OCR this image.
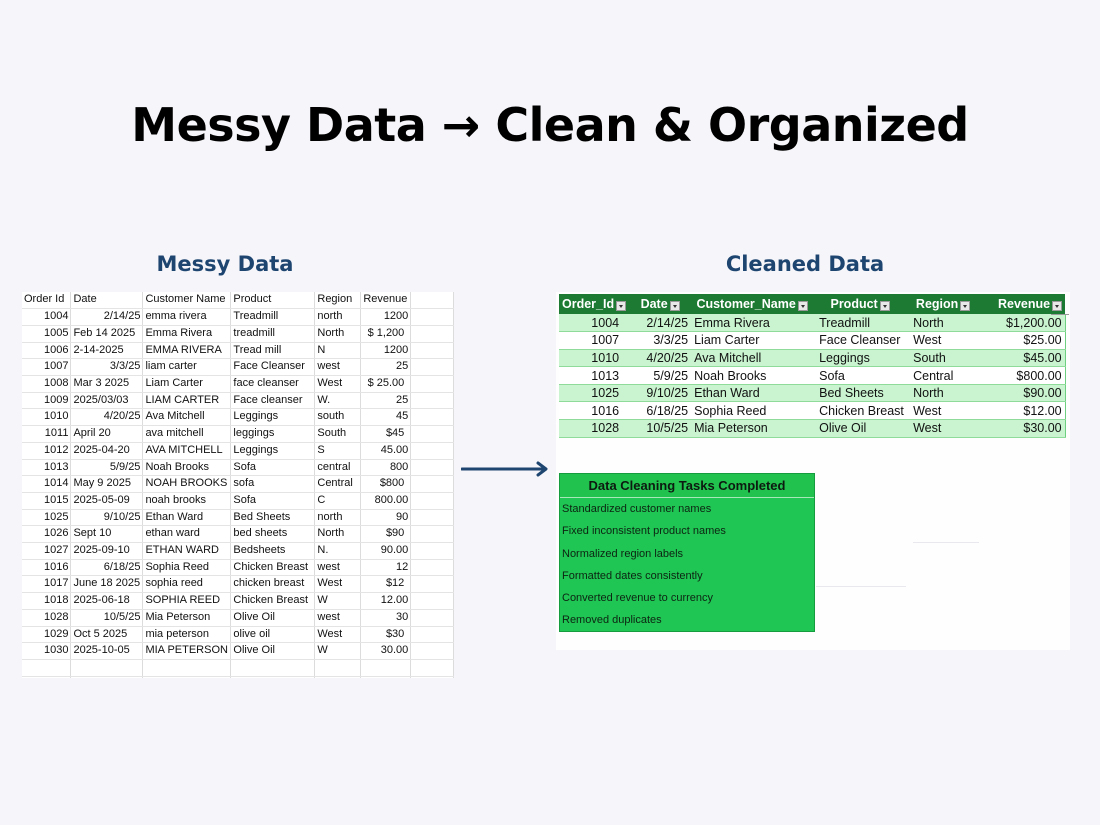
Messy Data → Clean & Organized
Messy Data	Cleaned Data
Order Id	Date	Customer Name	Product	Region	Revenue	
1004	2/14/25	emma rivera	Treadmill	north	1200	
1005	Feb 14 2025	Emma Rivera	treadmill	North	$ 1,200	
1006	2-14-2025	EMMA RIVERA	Tread mill	N	1200	
1007	3/3/25	liam carter	Face Cleanser	west	25	
1008	Mar 3 2025	Liam Carter	face cleanser	West	$ 25.00	
1009	2025/03/03	LIAM CARTER	Face cleanser	W.	25	
1010	4/20/25	Ava Mitchell	Leggings	south	45	
1011	April 20	ava mitchell	leggings	South	$45	
1012	2025-04-20	AVA MITCHELL	Leggings	S	45.00	
1013	5/9/25	Noah Brooks	Sofa	central	800	
1014	May 9 2025	NOAH BROOKS	sofa	Central	$800	
1015	2025-05-09	noah brooks	Sofa	C	800.00	
1025	9/10/25	Ethan Ward	Bed Sheets	north	90	
1026	Sept 10	ethan ward	bed sheets	North	$90	
1027	2025-09-10	ETHAN WARD	Bedsheets	N.	90.00	
1016	6/18/25	Sophia Reed	Chicken Breast	west	12	
1017	June 18 2025	sophia reed	chicken breast	West	$12	
1018	2025-06-18	SOPHIA REED	Chicken Breast	W	12.00	
1028	10/5/25	Mia Peterson	Olive Oil	west	30	
1029	Oct 5 2025	mia peterson	olive oil	West	$30	
1030	2025-10-05	MIA PETERSON	Olive Oil	W	30.00	

Order_Id	Date	Customer_Name	Product	Region	Revenue
1004	2/14/25	Emma Rivera	Treadmill	North	$1,200.00
1007	3/3/25	Liam Carter	Face Cleanser	West	$25.00
1010	4/20/25	Ava Mitchell	Leggings	South	$45.00
1013	5/9/25	Noah Brooks	Sofa	Central	$800.00
1025	9/10/25	Ethan Ward	Bed Sheets	North	$90.00
1016	6/18/25	Sophia Reed	Chicken Breast	West	$12.00
1028	10/5/25	Mia Peterson	Olive Oil	West	$30.00
Data Cleaning Tasks Completed
Standardized customer names
Fixed inconsistent product names
Normalized region labels
Formatted dates consistently
Converted revenue to currency
Removed duplicates
